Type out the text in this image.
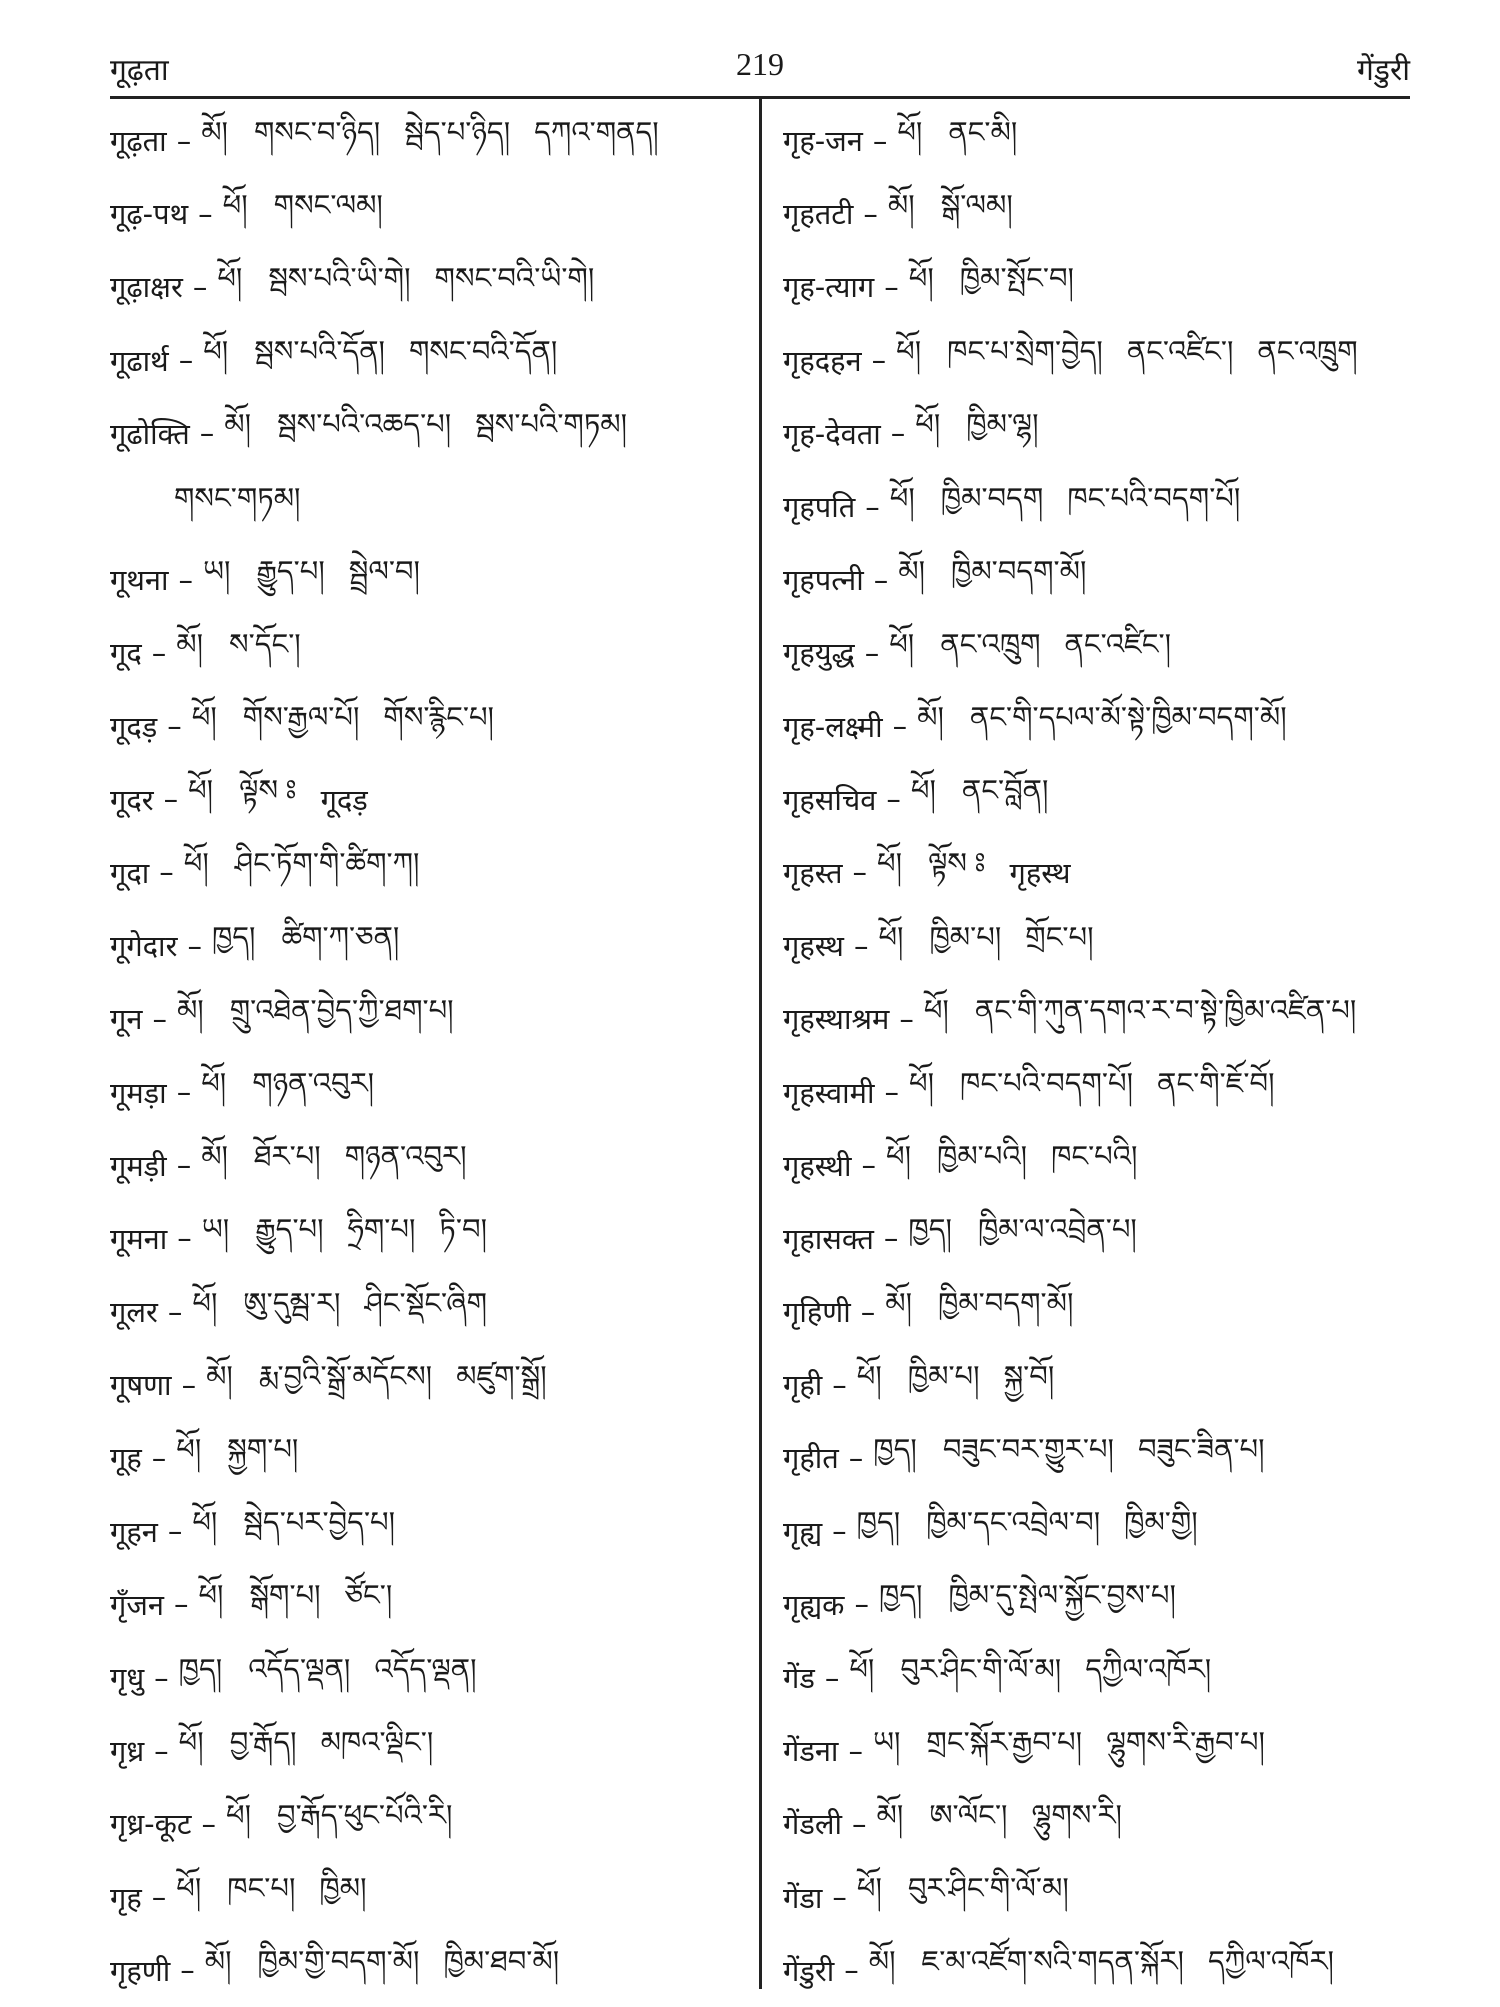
गूढ़ता	219	गेंडुरी
गूढ़ता – མོ། གསང་བ་ཉིད། སྦེད་པ་ཉིད། དཀའ་གནད།
गूढ़-पथ – ཕོ། གསང་ལམ།
गूढ़ाक्षर – ཕོ། སྦས་པའི་ཡི་གེ། གསང་བའི་ཡི་གེ།
गूढार्थ – ཕོ། སྦས་པའི་དོན། གསང་བའི་དོན།
गूढोक्ति – མོ། སྦས་པའི་འཆད་པ། སྦས་པའི་གཏམ།
གསང་གཏམ།
गूथना – ཡ། རྒྱུད་པ། སྦྲེལ་བ།
गूद – མོ། ས་དོང་།
गूदड़ – ཕོ། གོས་རྒྱལ་པོ། གོས་རྙིང་པ།
गूदर – ཕོ། ལྟོས ཿ गूदड़
गूदा – ཕོ། ཤིང་ཏོག་གི་ཚིག་ཀ།
गूगेदार – ཁྱད། ཚིག་ཀ་ཅན།
गून – མོ། གྲུ་འཐེན་བྱེད་ཀྱི་ཐག་པ།
गूमड़ा – ཕོ། གཉན་འབུར།
गूमड़ी – མོ། ཐོར་པ། གཉན་འབུར།
गूमना – ཡ། རྒྱུད་པ། ཧྲིག་པ། ཏི་བ།
गूलर – ཕོ། ཨུ་དུམྦ་ར། ཤིང་སྡོང་ཞིག
गूषणा – མོ། རྨ་བྱའི་སྒྲོ་མདོངས། མཛུག་སྒྲོ།
गूह – ཕོ། སྐྱག་པ།
गूहन – ཕོ། སྦེད་པར་བྱེད་པ།
गृँजन – ཕོ། སྒོག་པ། ཙོང་།
गृधु – ཁྱད། འདོད་ལྡན། འདོད་ལྡན།
गृध्र – ཕོ། བྱ་རྒོད། མཁའ་ལྡིང་།
गृध्र-कूट – ཕོ། བྱ་རྒོད་ཕུང་པོའི་རི།
गृह – ཕོ། ཁང་པ། ཁྱིམ།
गृहणी – མོ། ཁྱིམ་གྱི་བདག་མོ། ཁྱིམ་ཐབ་མོ།
गृह-जन – ཕོ། ནང་མི།
गृहतटी – མོ། སྒོ་ལམ།
गृह-त्याग – ཕོ། ཁྱིམ་སྤོང་བ།
गृहदहन – ཕོ། ཁང་པ་སྲེག་བྱེད། ནང་འཛིང་། ནང་འཁྲུག
गृह-देवता – ཕོ། ཁྱིམ་ལྷ།
गृहपति – ཕོ། ཁྱིམ་བདག ཁང་པའི་བདག་པོ།
गृहपत्नी – མོ། ཁྱིམ་བདག་མོ།
गृहयुद्ध – ཕོ། ནང་འཁྲུག ནང་འཛིང་།
गृह-लक्ष्मी – མོ། ནང་གི་དཔལ་མོ་སྟེ་ཁྱིམ་བདག་མོ།
गृहसचिव – ཕོ། ནང་བློན།
गृहस्त – ཕོ། ལྟོས ཿ गृहस्थ
गृहस्थ – ཕོ། ཁྱིམ་པ། གྲོང་པ།
गृहस्थाश्रम – ཕོ། ནང་གི་ཀུན་དགའ་ར་བ་སྟེ་ཁྱིམ་འཛིན་པ།
गृहस्वामी – ཕོ། ཁང་པའི་བདག་པོ། ནང་གི་ཇོ་བོ།
गृहस्थी – ཕོ། ཁྱིམ་པའི། ཁང་པའི།
गृहासक्त – ཁྱད། ཁྱིམ་ལ་འབྲེན་པ།
गृहिणी – མོ། ཁྱིམ་བདག་མོ།
गृही – ཕོ། ཁྱིམ་པ། སྐྱ་བོ།
गृहीत – ཁྱད། བཟུང་བར་གྱུར་པ། བཟུང་ཟིན་པ།
गृह्य – ཁྱད། ཁྱིམ་དང་འབྲེལ་བ། ཁྱིམ་གྱི།
गृह्यक – ཁྱད། ཁྱིམ་དུ་སྤེལ་སྐྱོང་བྱས་པ།
गेंड – ཕོ། བུར་ཤིང་གི་ལོ་མ། དཀྱིལ་འཁོར།
गेंडना – ཡ། གྲང་སྐོར་རྒྱབ་པ། ལྷུགས་རི་རྒྱབ་པ།
गेंडली – མོ། ཨ་ལོང་། ལྷུགས་རི།
गेंडा – ཕོ། བུར་ཤིང་གི་ལོ་མ།
गेंडुरी – མོ། ཇ་མ་འཛོག་སའི་གདན་སྐོར། དཀྱིལ་འཁོར།
